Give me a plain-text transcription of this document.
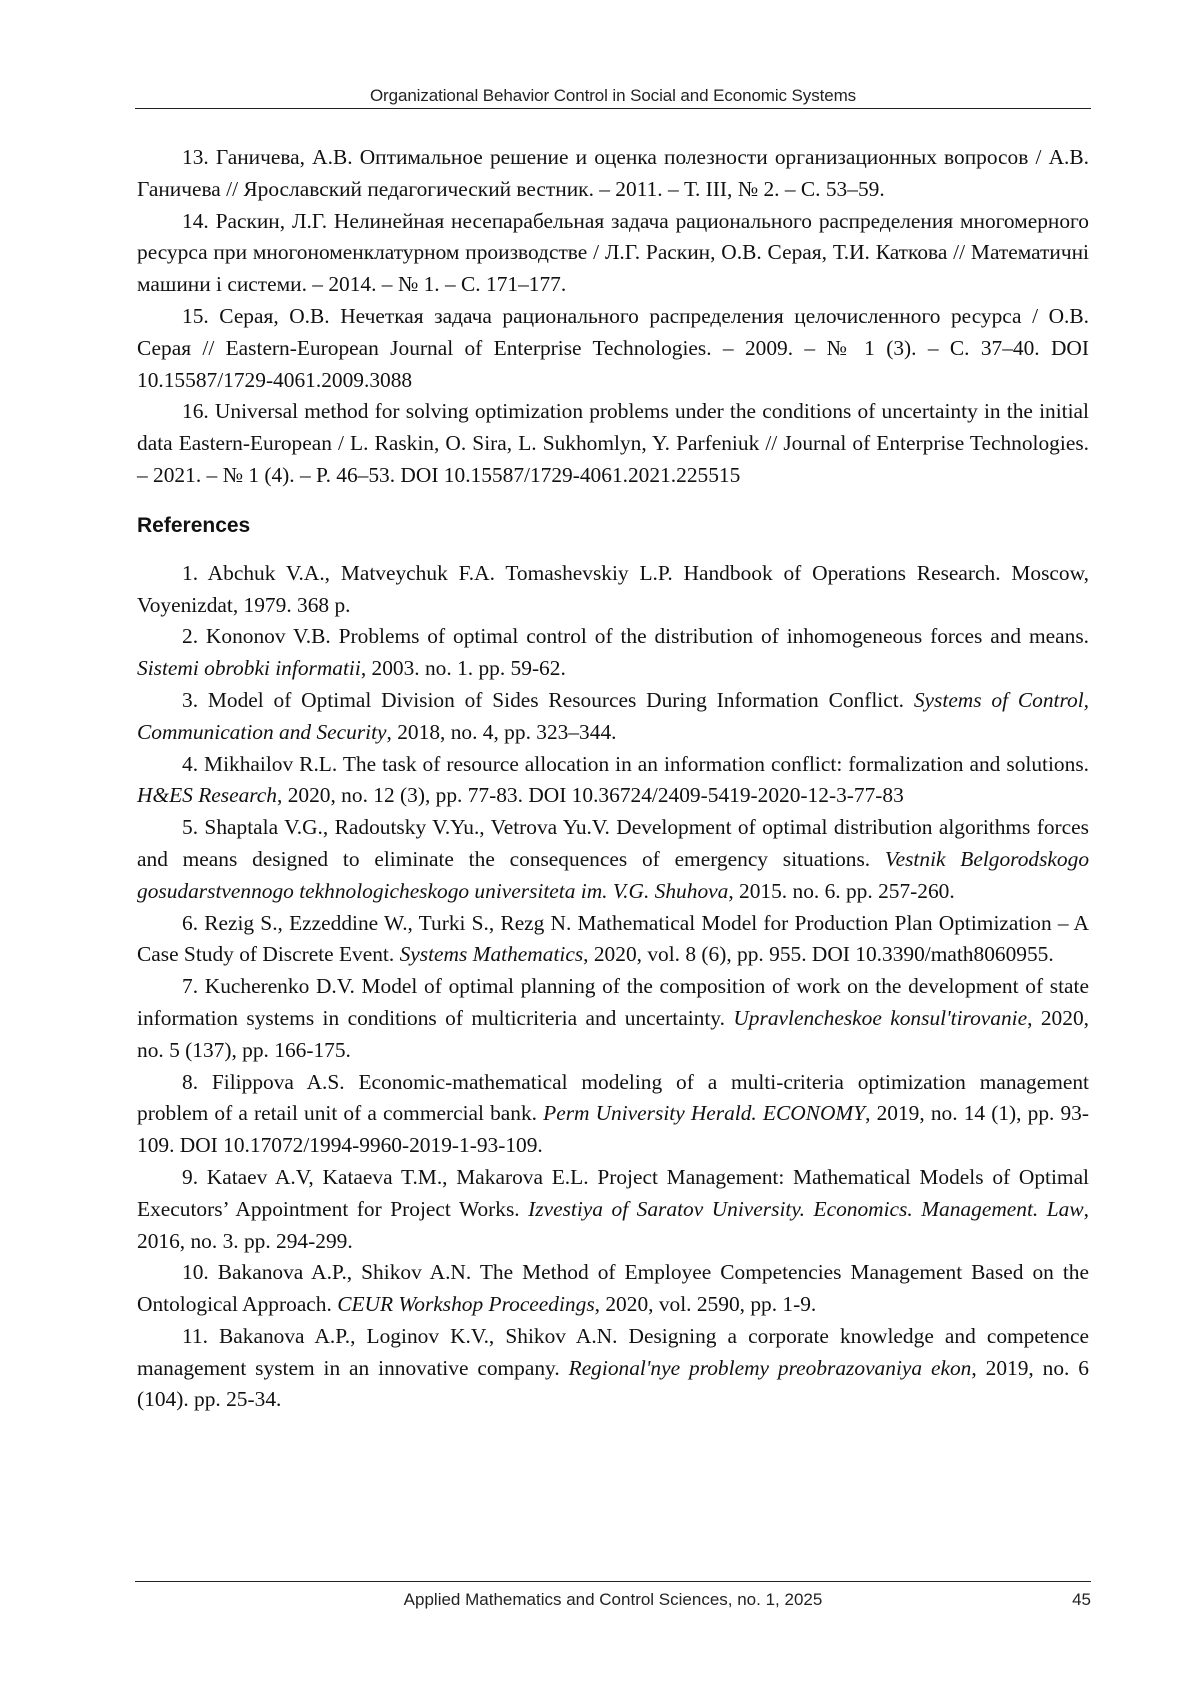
Organizational Behavior Control in Social and Economic Systems

13. Ганичева, А.В. Оптимальное решение и оценка полезности организационных вопросов / А.В. Ганичева // Ярославский педагогический вестник. – 2011. – Т. III, № 2. – С. 53–59.

14. Раскин, Л.Г. Нелинейная несепарабельная задача рационального распределения многомерного ресурса при многономенклатурном производстве / Л.Г. Раскин, О.В. Серая, Т.И. Каткова // Математичні машини і системи. – 2014. – № 1. – С. 171–177.

15. Серая, О.В. Нечеткая задача рационального распределения целочисленного ресурса / О.В. Серая // Eastern-European Journal of Enterprise Technologies. – 2009. – № 1 (3). – С. 37–40. DOI 10.15587/1729-4061.2009.3088

16. Universal method for solving optimization problems under the conditions of uncertainty in the initial data Eastern-European / L. Raskin, O. Sira, L. Sukhomlyn, Y. Parfeniuk // Journal of Enterprise Technologies. – 2021. – № 1 (4). – P. 46–53. DOI 10.15587/1729-4061.2021.225515

References

1. Abchuk V.A., Matveychuk F.A. Tomashevskiy L.P. Handbook of Operations Research. Moscow, Voyenizdat, 1979. 368 p.

2. Kononov V.B. Problems of optimal control of the distribution of inhomogeneous forces and means. Sistemi obrobki informatii, 2003. no. 1. pp. 59-62.

3. Model of Optimal Division of Sides Resources During Information Conflict. Systems of Control, Communication and Security, 2018, no. 4, pp. 323–344.

4. Mikhailov R.L. The task of resource allocation in an information conflict: formalization and solutions. H&ES Research, 2020, no. 12 (3), pp. 77-83. DOI 10.36724/2409-5419-2020-12-3-77-83

5. Shaptala V.G., Radoutsky V.Yu., Vetrova Yu.V. Development of optimal distribution algorithms forces and means designed to eliminate the consequences of emergency situations. Vestnik Belgorodskogo gosudarstvennogo tekhnologicheskogo universiteta im. V.G. Shuhova, 2015. no. 6. pp. 257-260.

6. Rezig S., Ezzeddine W., Turki S., Rezg N. Mathematical Model for Production Plan Optimization – A Case Study of Discrete Event. Systems Mathematics, 2020, vol. 8 (6), pp. 955. DOI 10.3390/math8060955.

7. Kucherenko D.V. Model of optimal planning of the composition of work on the development of state information systems in conditions of multicriteria and uncertainty. Upravlencheskoe konsul'tirovanie, 2020, no. 5 (137), pp. 166-175.

8. Filippova A.S. Economic-mathematical modeling of a multi-criteria optimization management problem of a retail unit of a commercial bank. Perm University Herald. ECONOMY, 2019, no. 14 (1), pp. 93-109. DOI 10.17072/1994-9960-2019-1-93-109.

9. Kataev A.V, Kataeva T.M., Makarova E.L. Project Management: Mathematical Models of Optimal Executors’ Appointment for Project Works. Izvestiya of Saratov University. Economics. Management. Law, 2016, no. 3. pp. 294-299.

10. Bakanova A.P., Shikov A.N. The Method of Employee Competencies Management Based on the Ontological Approach. CEUR Workshop Proceedings, 2020, vol. 2590, pp. 1-9.

11. Bakanova A.P., Loginov K.V., Shikov A.N. Designing a corporate knowledge and competence management system in an innovative company. Regional'nye problemy preobrazovaniya ekon, 2019, no. 6 (104). pp. 25-34.

Applied Mathematics and Control Sciences, no. 1, 2025	45
